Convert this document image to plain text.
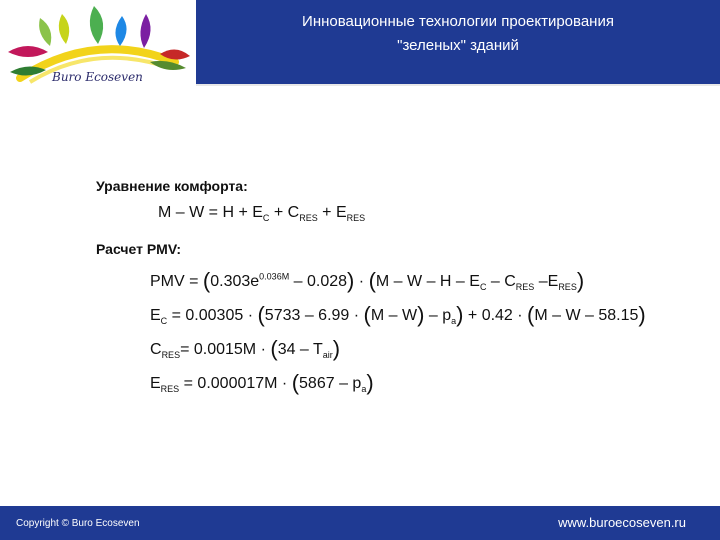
Buro Ecoseven
Инновационные технологии проектирования
"зеленых" зданий
Уравнение комфорта:
$M - W = H + E_C + C_{RES} + E_{RES}$
Расчет PMV:
PMV = $(0.303e^{0.036M} - 0.028) \cdot (M - W - H - E_C - C_{RES}$ $-E_{RES}$)
$E_C = 0.00305 \cdot (5733 - 6.99 \cdot (M - W) - p_a) + 0.42 \cdot (M - W - 58.15)$
$C_{RES}= 0.0015M \cdot (34 - T_{air})$
$E_{RES} = 0.000017M \cdot (5867 - p_a)$
Copyright © Buro Ecoseven	www.buroecoseven.ru
